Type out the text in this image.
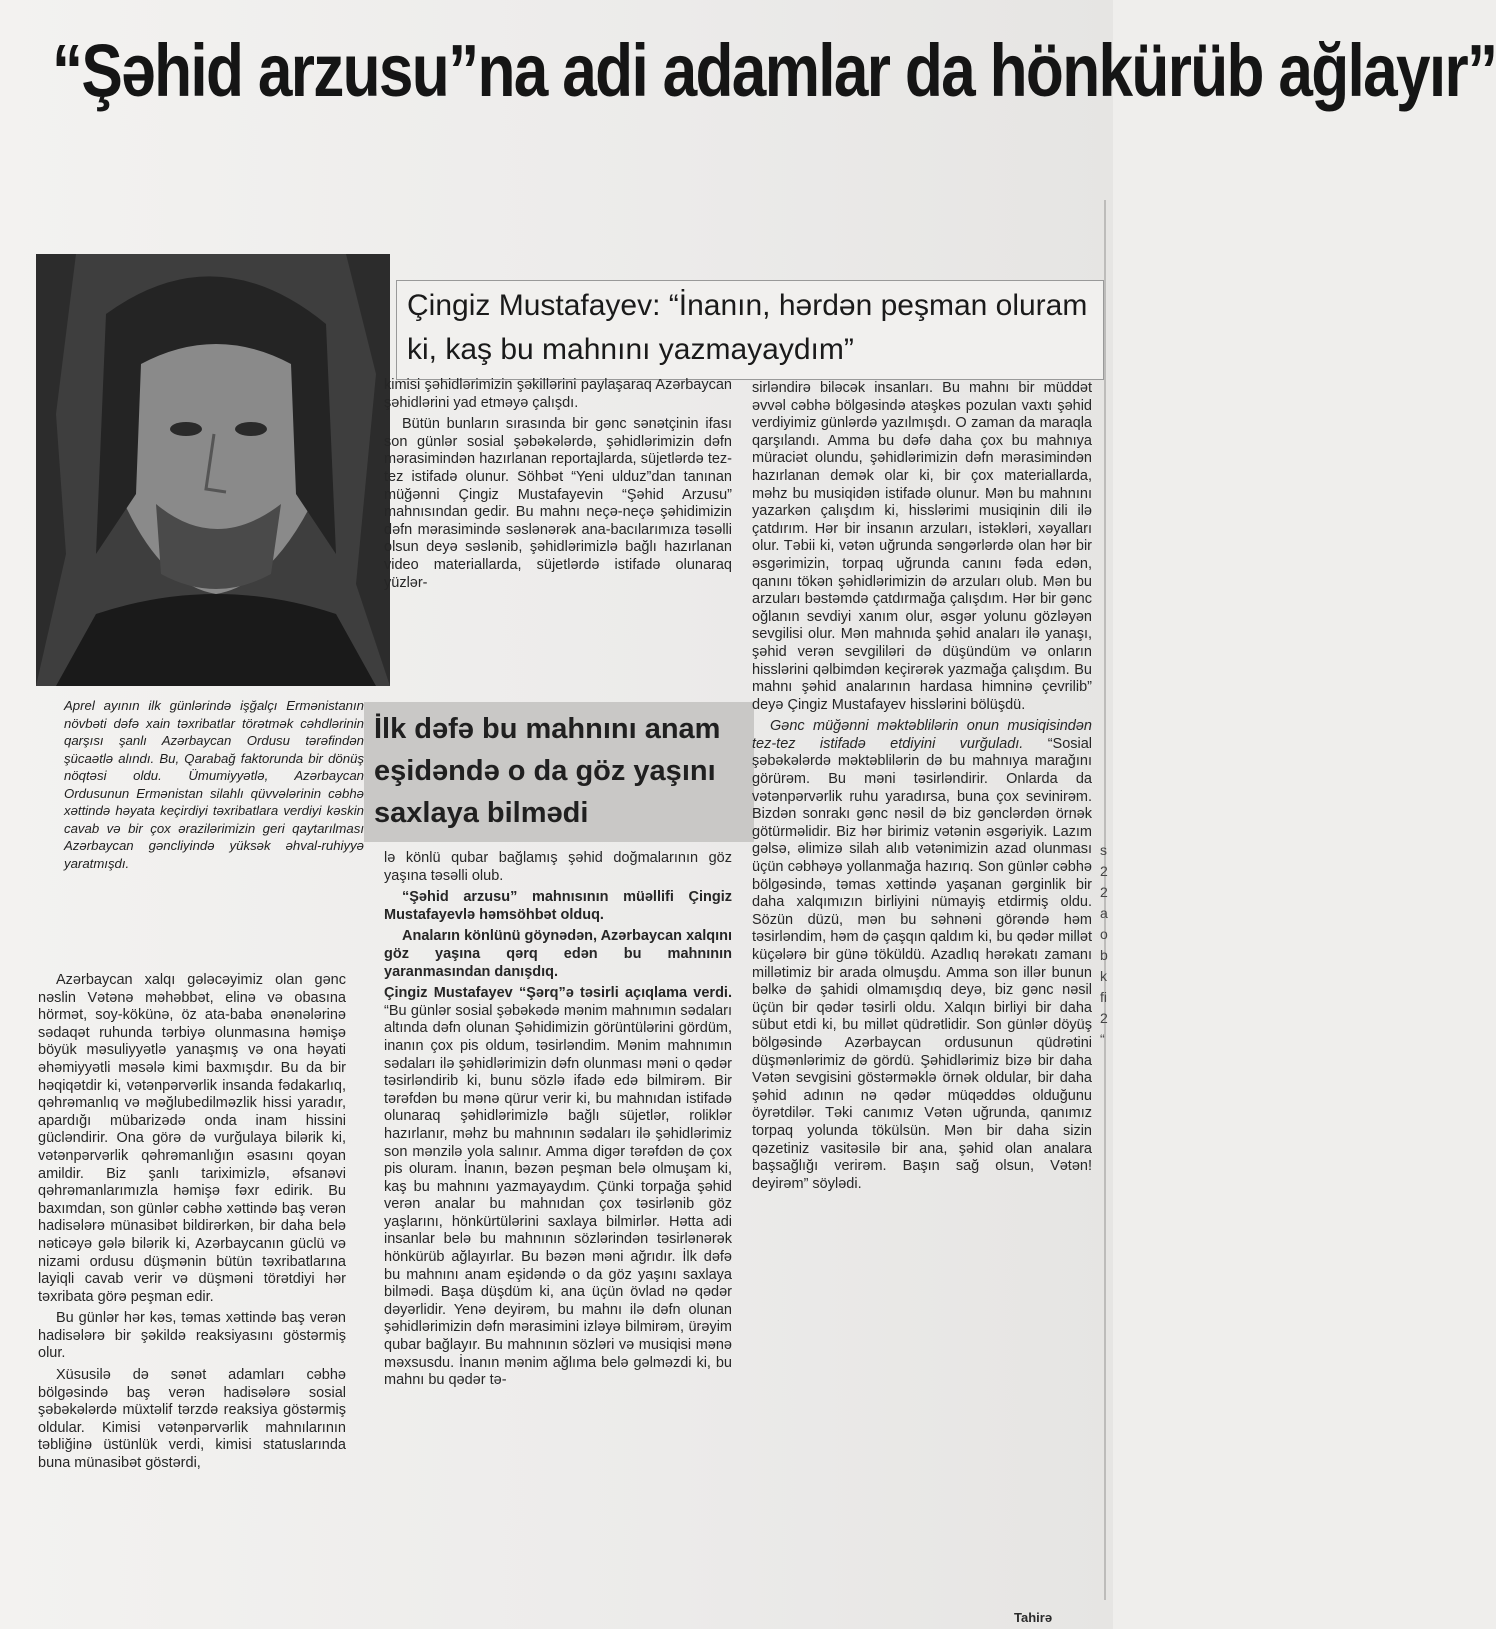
“Şəhid arzusu”na adi adamlar da hönkürüb ağlayır”
Çingiz Mustafayev: “İnanın, hərdən peşman oluram ki, kaş bu mahnını yazmayaydım”
Aprel ayının ilk günlərində işğalçı Ermənistanın növbəti dəfə xain təxribatlar törətmək cəhdlərinin qarşısı şanlı Azərbaycan Ordusu tərəfindən şücaətlə alındı. Bu, Qarabağ faktorunda bir dönüş nöqtəsi oldu. Ümumiyyətlə, Azərbaycan Ordusunun Ermənistan silahlı qüvvələrinin cəbhə xəttində həyata keçirdiyi təxribatlara verdiyi kəskin cavab və bir çox ərazilərimizin geri qaytarılması Azərbaycan gəncliyində yüksək əhval-ruhiyyə yaratmışdı.
İlk dəfə bu mahnını anam eşidəndə o da göz yaşını saxlaya bilmədi

Azərbaycan xalqı gələcəyimiz olan gənc nəslin Vətənə məhəbbət, elinə və obasına hörmət, soy-kökünə, öz ata-baba ənənələrinə sədaqət ruhunda tərbiyə olunmasına həmişə böyük məsuliyyətlə yanaşmış və ona həyati əhəmiyyətli məsələ kimi baxmışdır. Bu da bir həqiqətdir ki, vətənpərvərlik insanda fədakarlıq, qəhrəmanlıq və məğlubedilməzlik hissi yaradır, apardığı mübarizədə onda inam hissini gücləndirir. Ona görə də vurğulaya bilərik ki, vətənpərvərlik qəhrəmanlığın əsasını qoyan amildir. Biz şanlı tariximizlə, əfsanəvi qəhrəmanlarımızla həmişə fəxr edirik. Bu baxımdan, son günlər cəbhə xəttində baş verən hadisələrə münasibət bildirərkən, bir daha belə nəticəyə gələ bilərik ki, Azərbaycanın güclü və nizami ordusu düşmənin bütün təxribatlarına layiqli cavab verir və düşməni törətdiyi hər təxribata görə peşman edir.

Bu günlər hər kəs, təmas xəttində baş verən hadisələrə bir şəkildə reaksiyasını göstərmiş olur.

Xüsusilə də sənət adamları cəbhə bölgəsində baş verən hadisələrə sosial şəbəkələrdə müxtəlif tərzdə reaksiya göstərmiş oldular. Kimisi vətənpərvərlik mahnılarının təbliğinə üstünlük verdi, kimisi statuslarında buna münasibət göstərdi,

kimisi şəhidlərimizin şəkillərini paylaşaraq Azərbaycan şəhidlərini yad etməyə çalışdı.

Bütün bunların sırasında bir gənc sənətçinin ifası son günlər sosial şəbəkələrdə, şəhidlərimizin dəfn mərasimindən hazırlanan reportajlarda, süjetlərdə tez-tez istifadə olunur. Söhbət “Yeni ulduz”dan tanınan müğənni Çingiz Mustafayevin “Şəhid Arzusu” mahnısından gedir. Bu mahnı neçə-neçə şəhidimizin dəfn mərasimində səslənərək ana-bacılarımıza təsəlli olsun deyə səslənib, şəhidlərimizlə bağlı hazırlanan video materiallarda, süjetlərdə istifadə olunaraq yüzlər-

lə könlü qubar bağlamış şəhid doğmalarının göz yaşına təsəlli olub.

“Şəhid arzusu” mahnısının müəllifi Çingiz Mustafayevlə həmsöhbət olduq.

Anaların könlünü göynədən, Azərbaycan xalqını göz yaşına qərq edən bu mahnının yaranmasından danışdıq.

Çingiz Mustafayev “Şərq”ə təsirli açıqlama verdi. “Bu günlər sosial şəbəkədə mənim mahnımın sədaları altında dəfn olunan Şəhidimizin görüntülərini gördüm, inanın çox pis oldum, təsirləndim. Mənim mahnımın sədaları ilə şəhidlərimizin dəfn olunması məni o qədər təsirləndirib ki, bunu sözlə ifadə edə bilmirəm. Bir tərəfdən bu mənə qürur verir ki, bu mahnıdan istifadə olunaraq şəhidlərimizlə bağlı süjetlər, roliklər hazırlanır, məhz bu mahnının sədaları ilə şəhidlərimiz son mənzilə yola salınır. Amma digər tərəfdən də çox pis oluram. İnanın, bəzən peşman belə olmuşam ki, kaş bu mahnını yazmayaydım. Çünki torpağa şəhid verən analar bu mahnıdan çox təsirlənib göz yaşlarını, hönkürtülərini saxlaya bilmirlər. Hətta adi insanlar belə bu mahnının sözlərindən təsirlənərək hönkürüb ağlayırlar. Bu bəzən məni ağrıdır. İlk dəfə bu mahnını anam eşidəndə o da göz yaşını saxlaya bilmədi. Başa düşdüm ki, ana üçün övlad nə qədər dəyərlidir. Yenə deyirəm, bu mahnı ilə dəfn olunan şəhidlərimizin dəfn mərasimini izləyə bilmirəm, ürəyim qubar bağlayır. Bu mahnının sözləri və musiqisi mənə məxsusdu. İnanın mənim ağlıma belə gəlməzdi ki, bu mahnı bu qədər tə-

sirləndirə biləcək insanları. Bu mahnı bir müddət əvvəl cəbhə bölgəsində atəşkəs pozulan vaxtı şəhid verdiyimiz günlərdə yazılmışdı. O zaman da maraqla qarşılandı. Amma bu dəfə daha çox bu mahnıya müraciət olundu, şəhidlərimizin dəfn mərasimindən hazırlanan demək olar ki, bir çox materiallarda, məhz bu musiqidən istifadə olunur. Mən bu mahnını yazarkən çalışdım ki, hisslərimi musiqinin dili ilə çatdırım. Hər bir insanın arzuları, istəkləri, xəyalları olur. Təbii ki, vətən uğrunda səngərlərdə olan hər bir əsgərimizin, torpaq uğrunda canını fəda edən, qanını tökən şəhidlərimizin də arzuları olub. Mən bu arzuları bəstəmdə çatdırmağa çalışdım. Hər bir gənc oğlanın sevdiyi xanım olur, əsgər yolunu gözləyən sevgilisi olur. Mən mahnıda şəhid anaları ilə yanaşı, şəhid verən sevgililəri də düşündüm və onların hisslərini qəlbimdən keçirərək yazmağa çalışdım. Bu mahnı şəhid analarının hardasa himninə çevrilib” deyə Çingiz Mustafayev hisslərini bölüşdü.

Gənc müğənni məktəblilərin onun musiqisindən tez-tez istifadə etdiyini vurğuladı. “Sosial şəbəkələrdə məktəblilərin də bu mahnıya marağını görürəm. Bu məni təsirləndirir. Onlarda da vətənpərvərlik ruhu yaradırsa, buna çox sevinirəm. Bizdən sonrakı gənc nəsil də biz gənclərdən örnək götürməlidir. Biz hər birimiz vətənin əsgəriyik. Lazım gəlsə, əlimizə silah alıb vətənimizin azad olunması üçün cəbhəyə yollanmağa hazırıq. Son günlər cəbhə bölgəsində, təmas xəttində yaşanan gərginlik bir daha xalqımızın birliyini nümayiş etdirmiş oldu. Sözün düzü, mən bu səhnəni görəndə həm təsirləndim, həm də çaşqın qaldım ki, bu qədər millət küçələrə bir günə töküldü. Azadlıq hərəkatı zamanı millətimiz bir arada olmuşdu. Amma son illər bunun bəlkə də şahidi olmamışdıq deyə, biz gənc nəsil üçün bir qədər təsirli oldu. Xalqın birliyi bir daha sübut etdi ki, bu millət qüdrətlidir. Son günlər döyüş bölgəsində Azərbaycan ordusunun qüdrətini düşmənlərimiz də gördü. Şəhidlərimiz bizə bir daha Vətən sevgisini göstərməklə örnək oldular, bir daha şəhid adının nə qədər müqəddəs olduğunu öyrətdilər. Təki canımız Vətən uğrunda, qanımız torpaq yolunda tökülsün. Mən bir daha sizin qəzetiniz vasitəsilə bir ana, şəhid olan analara başsağlığı verirəm. Başın sağ olsun, Vətən! deyirəm” söylədi.

Tahirə
s
2
2
a
o
b
k
fi
2
“
